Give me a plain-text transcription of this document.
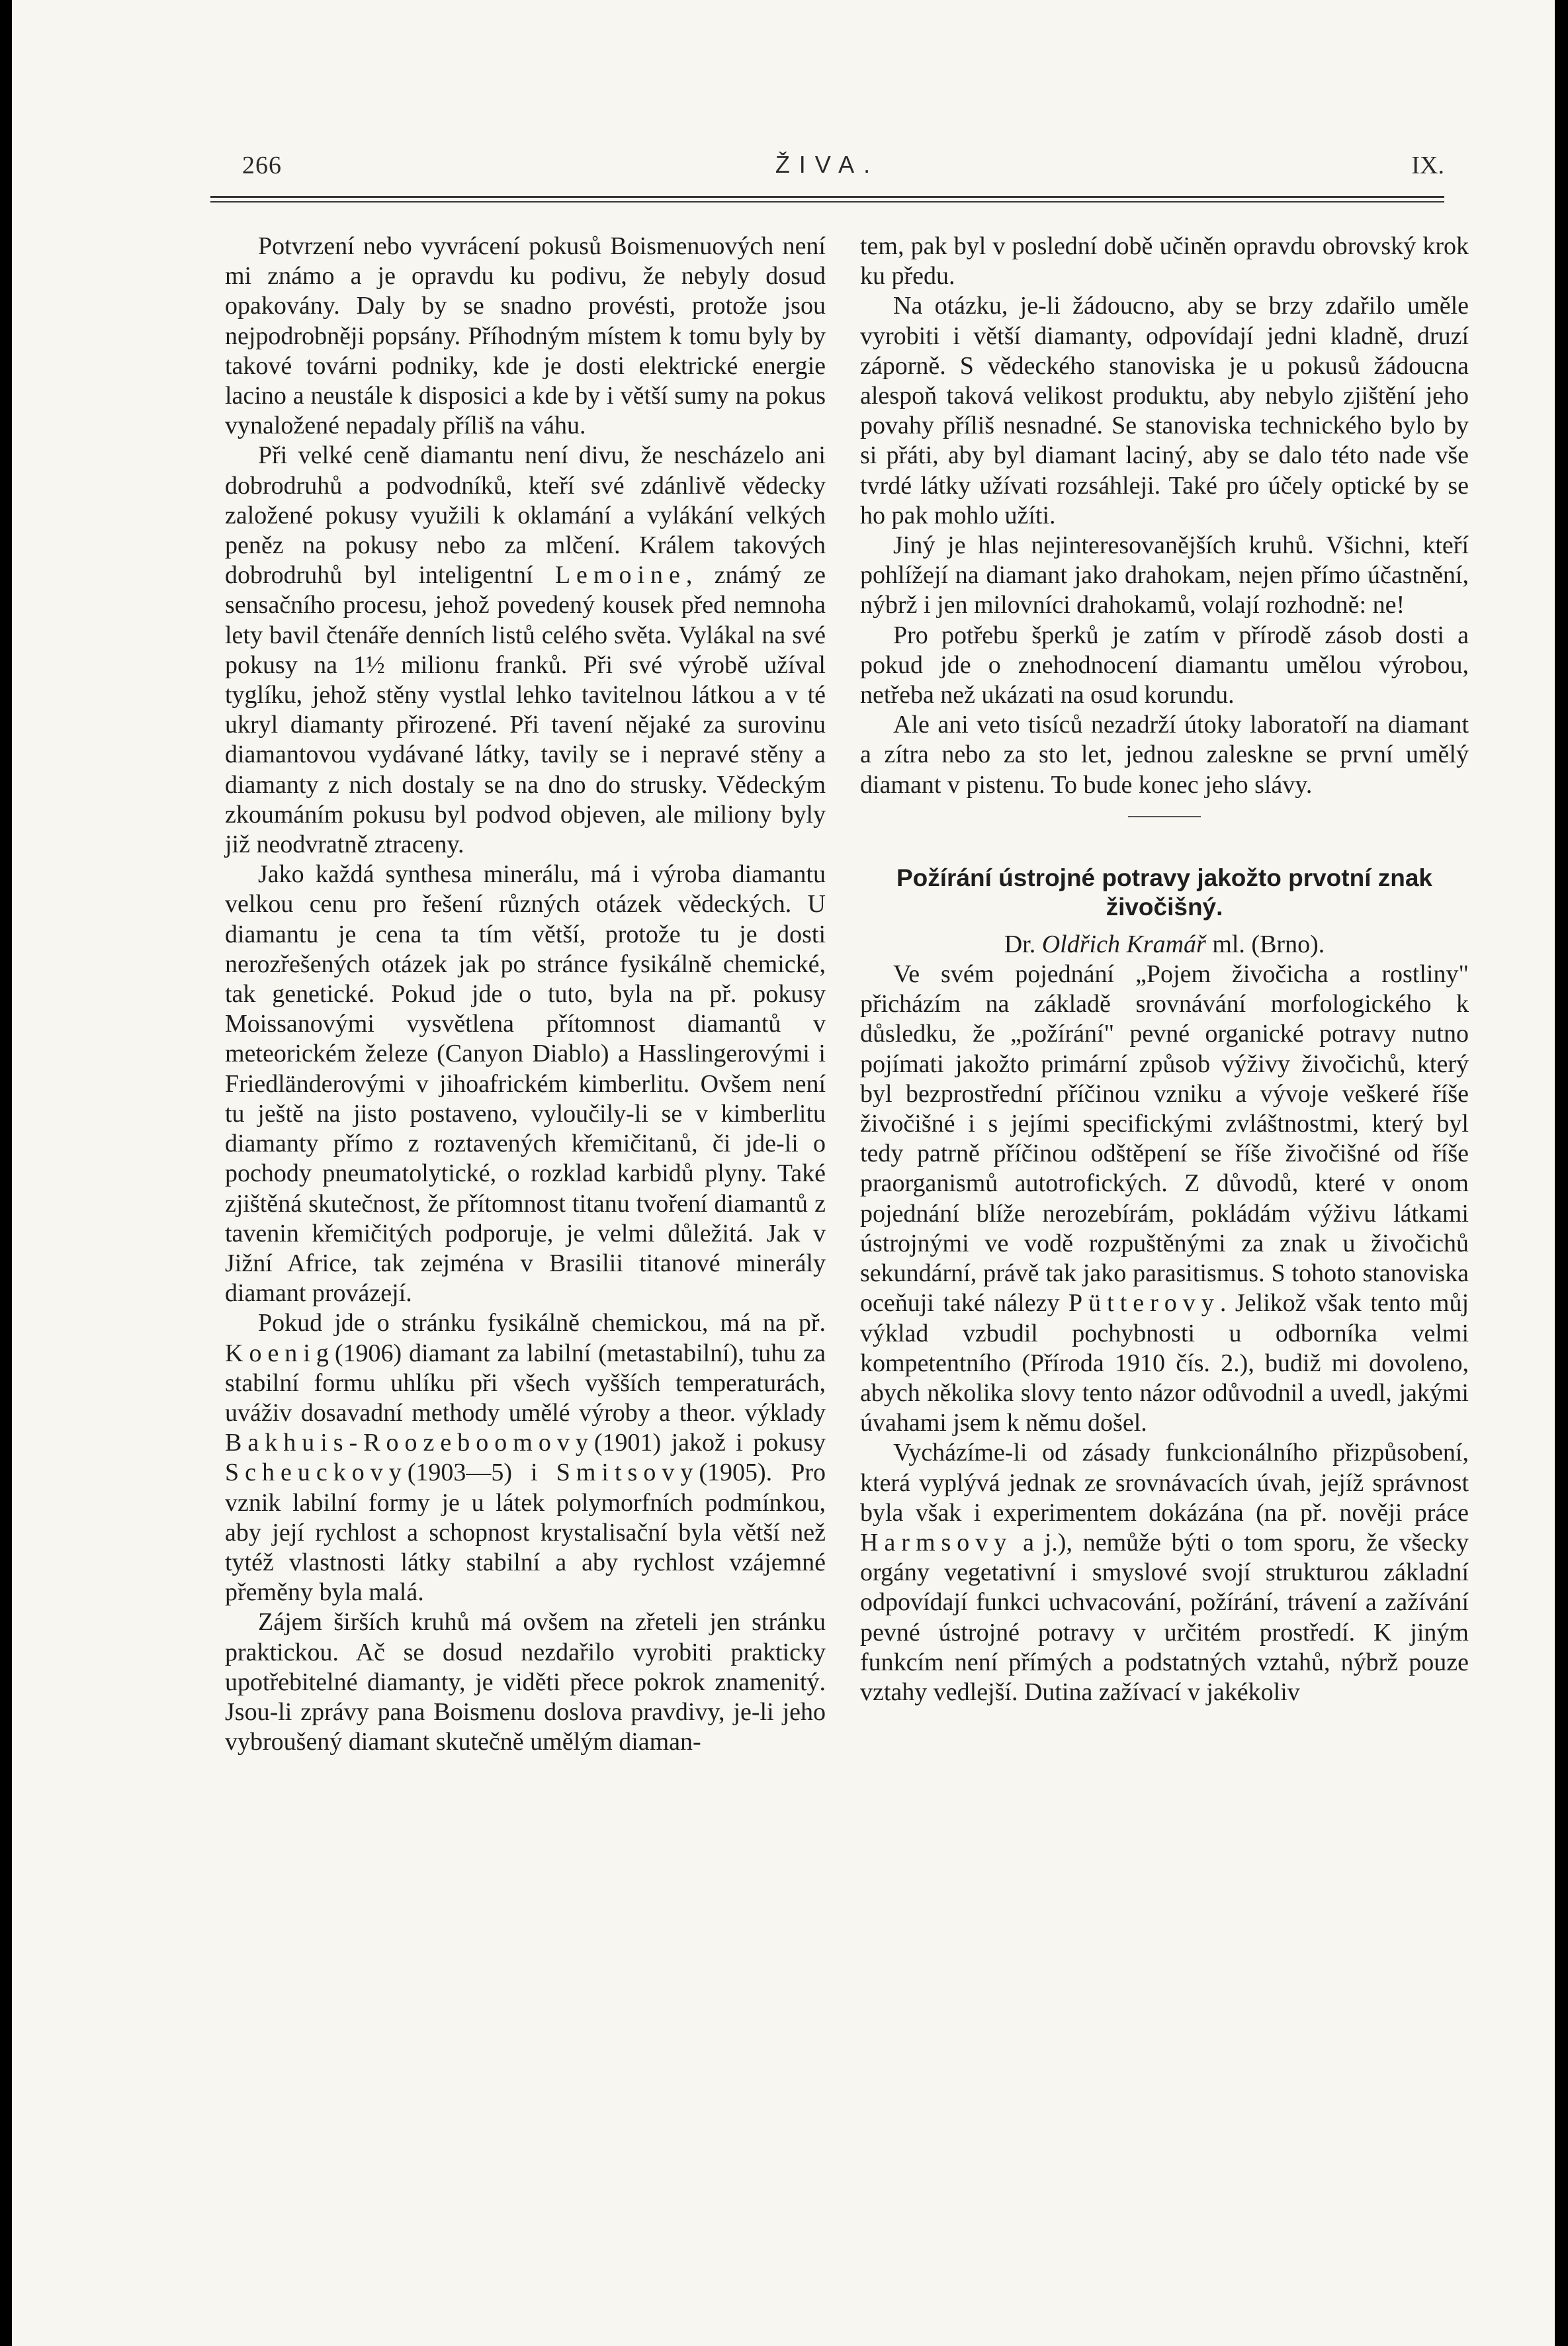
266	ŽIVA.	IX.

Potvrzení nebo vyvrácení pokusů Boismenuových není mi známo a je opravdu ku podivu, že nebyly dosud opakovány. Daly by se snadno provésti, protože jsou nejpodrobněji popsány. Příhodným místem k tomu byly by takové továrni podniky, kde je dosti elektrické energie lacino a neustále k disposici a kde by i větší sumy na pokus vynaložené nepadaly příliš na váhu.

Při velké ceně diamantu není divu, že nescházelo ani dobrodruhů a podvodníků, kteří své zdánlivě vědecky založené pokusy využili k oklamání a vylákání velkých peněz na pokusy nebo za mlčení. Králem takových dobrodruhů byl inteligentní Lemoine, známý ze sensačního procesu, jehož povedený kousek před nemnoha lety bavil čtenáře denních listů celého světa. Vylákal na své pokusy na 1½ milionu franků. Při své výrobě užíval tyglíku, jehož stěny vystlal lehko tavitelnou látkou a v té ukryl diamanty přirozené. Při tavení nějaké za surovinu diamantovou vydávané látky, tavily se i nepravé stěny a diamanty z nich dostaly se na dno do strusky. Vědeckým zkoumáním pokusu byl podvod objeven, ale miliony byly již neodvratně ztraceny.

Jako každá synthesa minerálu, má i výroba diamantu velkou cenu pro řešení různých otázek vědeckých. U diamantu je cena ta tím větší, protože tu je dosti nerozřešených otázek jak po stránce fysikálně chemické, tak genetické. Pokud jde o tuto, byla na př. pokusy Moissanovými vysvětlena přítomnost diamantů v meteorickém železe (Canyon Diablo) a Hasslingerovými i Friedländerovými v jihoafrickém kimberlitu. Ovšem není tu ještě na jisto postaveno, vyloučily-li se v kimberlitu diamanty přímo z roztavených křemičitanů, či jde-li o pochody pneumatolytické, o rozklad karbidů plyny. Také zjištěná skutečnost, že přítomnost titanu tvoření diamantů z tavenin křemičitých podporuje, je velmi důležitá. Jak v Jižní Africe, tak zejména v Brasilii titanové minerály diamant provázejí.

Pokud jde o stránku fysikálně chemickou, má na př. Koenig(1906) diamant za labilní (metastabilní), tuhu za stabilní formu uhlíku při všech vyšších temperaturách, uváživ dosavadní methody umělé výroby a theor. výklady Bakhuis-Roozeboomovy(1901) jakož i pokusy Scheuckovy(1903—5) i Smitsovy(1905). Pro vznik labilní formy je u látek polymorfních podmínkou, aby její rychlost a schopnost krystalisační byla větší než tytéž vlastnosti látky stabilní a aby rychlost vzájemné přeměny byla malá.

Zájem širších kruhů má ovšem na zřeteli jen stránku praktickou. Ač se dosud nezdařilo vyrobiti prakticky upotřebitelné diamanty, je viděti přece pokrok znamenitý. Jsou-li zprávy pana Boismenu doslova pravdivy, je-li jeho vybroušený diamant skutečně umělým diaman-

tem, pak byl v poslední době učiněn opravdu obrovský krok ku předu.

Na otázku, je-li žádoucno, aby se brzy zdařilo uměle vyrobiti i větší diamanty, odpovídají jedni kladně, druzí záporně. S vědeckého stanoviska je u pokusů žádoucna alespoň taková velikost produktu, aby nebylo zjištění jeho povahy příliš nesnadné. Se stanoviska technického bylo by si přáti, aby byl diamant laciný, aby se dalo této nade vše tvrdé látky užívati rozsáhleji. Také pro účely optické by se ho pak mohlo užíti.

Jiný je hlas nejinteresovanějších kruhů. Všichni, kteří pohlížejí na diamant jako drahokam, nejen přímo účastnění, nýbrž i jen milovníci drahokamů, volají rozhodně: ne!

Pro potřebu šperků je zatím v přírodě zásob dosti a pokud jde o znehodnocení diamantu umělou výrobou, netřeba než ukázati na osud korundu.

Ale ani veto tisíců nezadrží útoky laboratoří na diamant a zítra nebo za sto let, jednou zaleskne se první umělý diamant v pistenu. To bude konec jeho slávy.

Požírání ústrojné potravy jakožto prvotní znak živočišný.

Dr. Oldřich Kramář ml. (Brno).

Ve svém pojednání „Pojem živočicha a rostliny" přicházím na základě srovnávání morfologického k důsledku, že „požírání" pevné organické potravy nutno pojímati jakožto primární způsob výživy živočichů, který byl bezprostřední příčinou vzniku a vývoje veškeré říše živočišné i s jejími specifickými zvláštnostmi, který byl tedy patrně příčinou odštěpení se říše živočišné od říše praorganismů autotrofických. Z důvodů, které v onom pojednání blíže nerozebírám, pokládám výživu látkami ústrojnými ve vodě rozpuštěnými za znak u živočichů sekundární, právě tak jako parasitismus. S tohoto stanoviska oceňuji také nálezy Pütterovy. Jelikož však tento můj výklad vzbudil pochybnosti u odborníka velmi kompetentního (Příroda 1910 čís. 2.), budiž mi dovoleno, abych několika slovy tento názor odůvodnil a uvedl, jakými úvahami jsem k němu došel.

Vycházíme-li od zásady funkcionálního přizpůsobení, která vyplývá jednak ze srovnávacích úvah, jejíž správnost byla však i experimentem dokázána (na př. nověji práce Harmsovy a j.), nemůže býti o tom sporu, že všecky orgány vegetativní i smyslové svojí strukturou základní odpovídají funkci uchvacování, požírání, trávení a zažívání pevné ústrojné potravy v určitém prostředí. K jiným funkcím není přímých a podstatných vztahů, nýbrž pouze vztahy vedlejší. Dutina zažívací v jakékoliv
